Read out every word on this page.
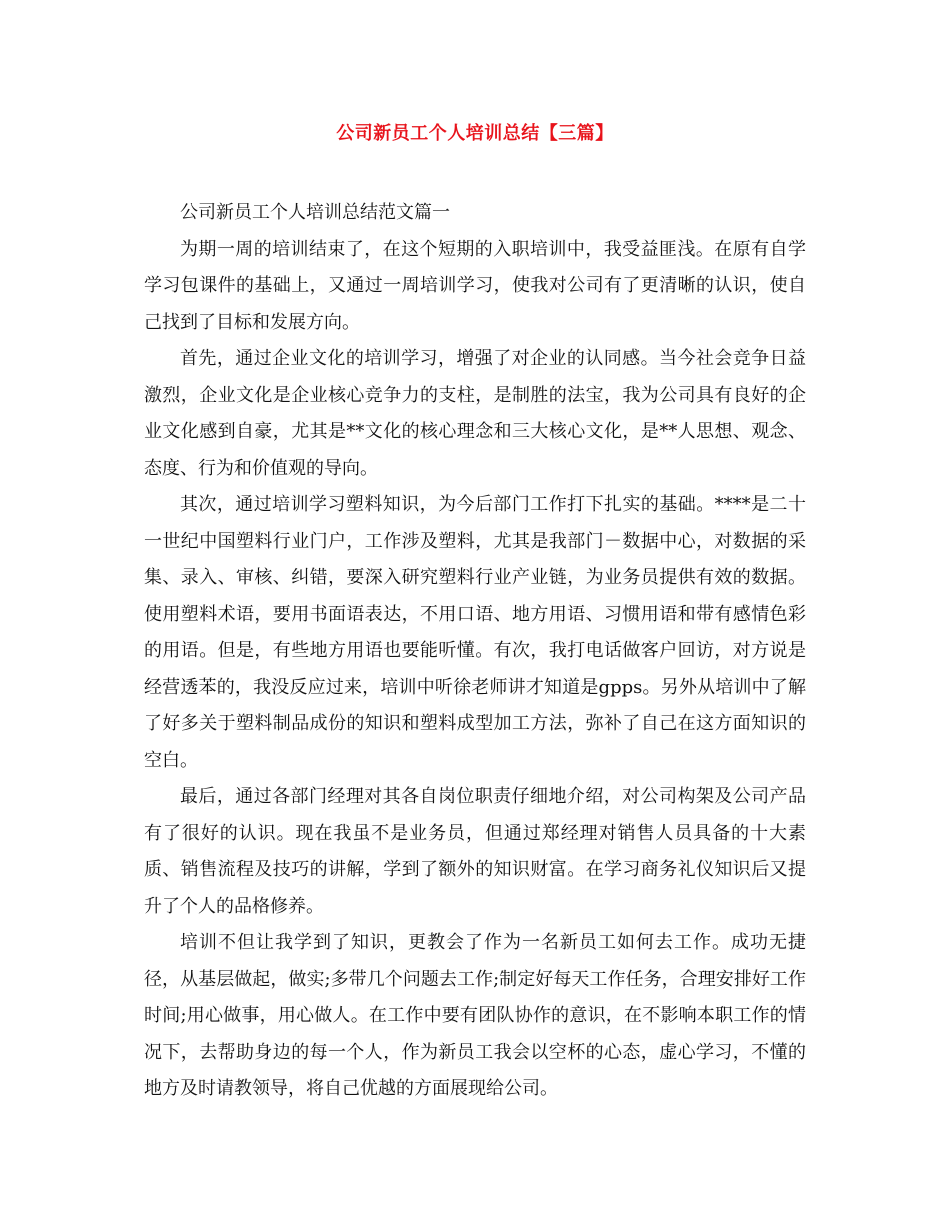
公司新员工个人培训总结【三篇】

公司新员工个人培训总结范文篇一

为期一周的培训结束了，在这个短期的入职培训中，我受益匪浅。在原有自学学习包课件的基础上，又通过一周培训学习，使我对公司有了更清晰的认识，使自己找到了目标和发展方向。

首先，通过企业文化的培训学习，增强了对企业的认同感。当今社会竞争日益激烈，企业文化是企业核心竞争力的支柱，是制胜的法宝，我为公司具有良好的企业文化感到自豪，尤其是**文化的核心理念和三大核心文化，是**人思想、观念、态度、行为和价值观的导向。

其次，通过培训学习塑料知识，为今后部门工作打下扎实的基础。****是二十一世纪中国塑料行业门户，工作涉及塑料，尤其是我部门－数据中心，对数据的采集、录入、审核、纠错，要深入研究塑料行业产业链，为业务员提供有效的数据。使用塑料术语，要用书面语表达，不用口语、地方用语、习惯用语和带有感情色彩的用语。但是，有些地方用语也要能听懂。有次，我打电话做客户回访，对方说是经营透苯的，我没反应过来，培训中听徐老师讲才知道是gpps。另外从培训中了解了好多关于塑料制品成份的知识和塑料成型加工方法，弥补了自己在这方面知识的空白。

最后，通过各部门经理对其各自岗位职责仔细地介绍，对公司构架及公司产品有了很好的认识。现在我虽不是业务员，但通过郑经理对销售人员具备的十大素质、销售流程及技巧的讲解，学到了额外的知识财富。在学习商务礼仪知识后又提升了个人的品格修养。

培训不但让我学到了知识，更教会了作为一名新员工如何去工作。成功无捷径，从基层做起，做实;多带几个问题去工作;制定好每天工作任务，合理安排好工作时间;用心做事，用心做人。在工作中要有团队协作的意识，在不影响本职工作的情况下，去帮助身边的每一个人，作为新员工我会以空杯的心态，虚心学习，不懂的地方及时请教领导，将自己优越的方面展现给公司。
